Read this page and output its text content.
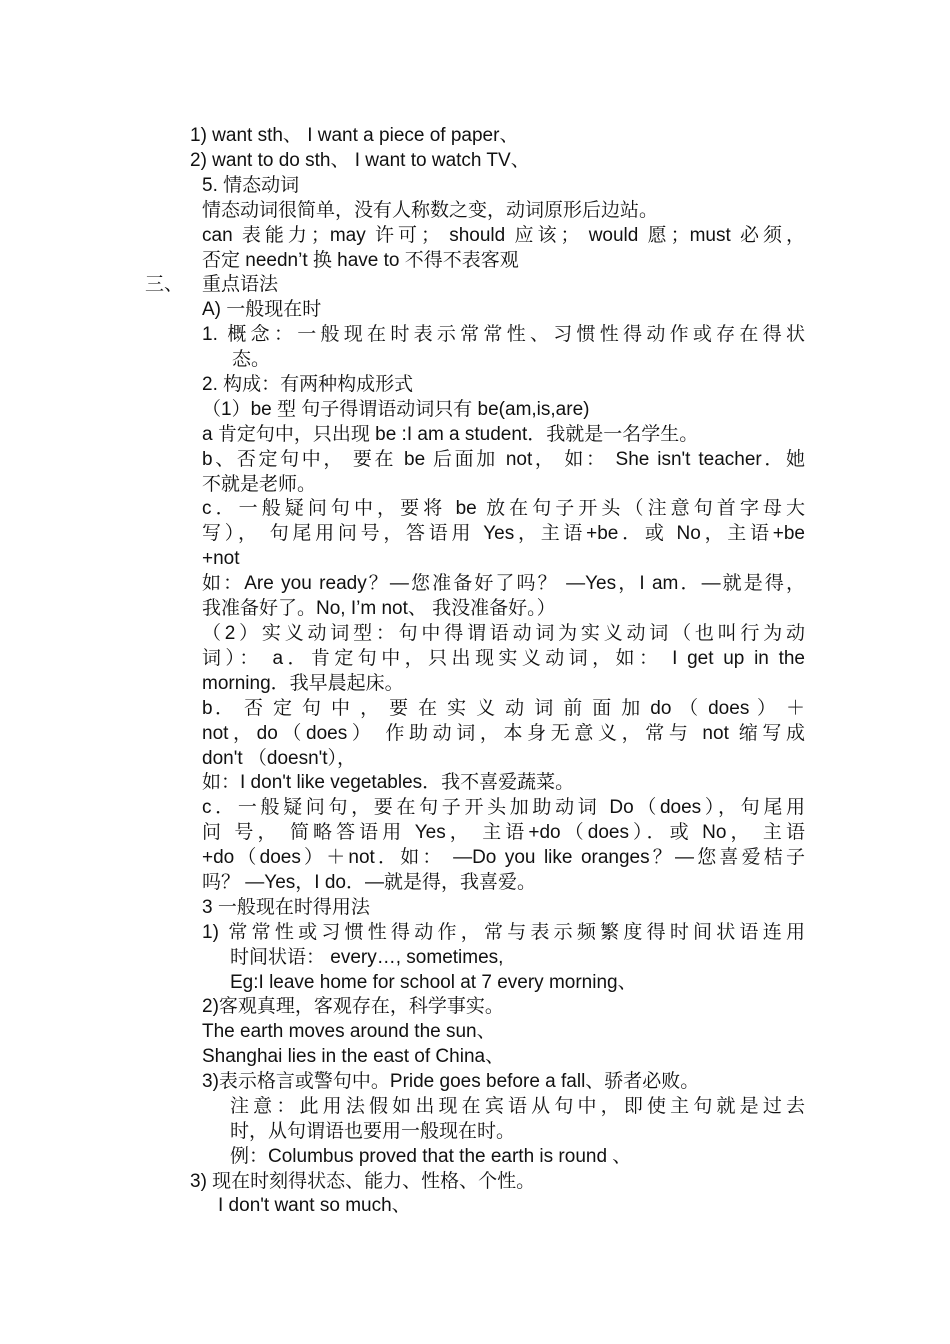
1) want sth、 I want a piece of paper、
2) want to do sth、 I want to watch TV、
5. 情态动词
情态动词很简单，没有人称数之变，动词原形后边站。
can 表能力；may 许可； should 应该； would 愿；must 必须，
否定 needn’t 换 have to 不得不表客观
三、 重点语法
A) 一般现在时
1. 概念：一般现在时表示常常性、习惯性得动作或存在得状
态。
2. 构成：有两种构成形式
（1）be 型 句子得谓语动词只有 be(am,is,are)
a 肯定句中，只出现 be :I am a student．我就是一名学生。
b、否定句中， 要在 be 后面加 not， 如： She isn't teacher．她
不就是老师。
c．一般疑问句中，要将 be 放在句子开头（注意句首字母大
写）， 句尾用问号，答语用 Yes，主语+be．或 No，主语+be
+not
如：Are you ready？—您准备好了吗？ —Yes，I am．—就是得，
我准备好了。No, I’m not、 我没准备好。）
（2）实义动词型：句中得谓语动词为实义动词（也叫行为动
词）： a．肯定句中，只出现实义动词，如： I get up in the
morning．我早晨起床。
b． 否 定 句 中 ， 要 在 实 义 动 词 前 面 加 do （ does ） ＋
not，do（does） 作助动词，本身无意义，常与 not 缩写成
don't （doesn't），
如：I don't like vegetables．我不喜爱蔬菜。
c．一般疑问句，要在句子开头加助动词 Do（does），句尾用
问 号， 简略答语用 Yes， 主语+do（does）．或 No， 主语
+do（does）＋not．如： —Do you like oranges？—您喜爱桔子
吗？ —Yes，I do．—就是得，我喜爱。
3 一般现在时得用法
1) 常常性或习惯性得动作，常与表示频繁度得时间状语连用
时间状语： every…, sometimes,
Eg:I leave home for school at 7 every morning、
2)客观真理，客观存在，科学事实。
The earth moves around the sun、
Shanghai lies in the east of China、
3)表示格言或警句中。Pride goes before a fall、骄者必败。
注意：此用法假如出现在宾语从句中，即使主句就是过去
时，从句谓语也要用一般现在时。
例：Columbus proved that the earth is round 、
3) 现在时刻得状态、能力、性格、个性。
I don't want so much、
